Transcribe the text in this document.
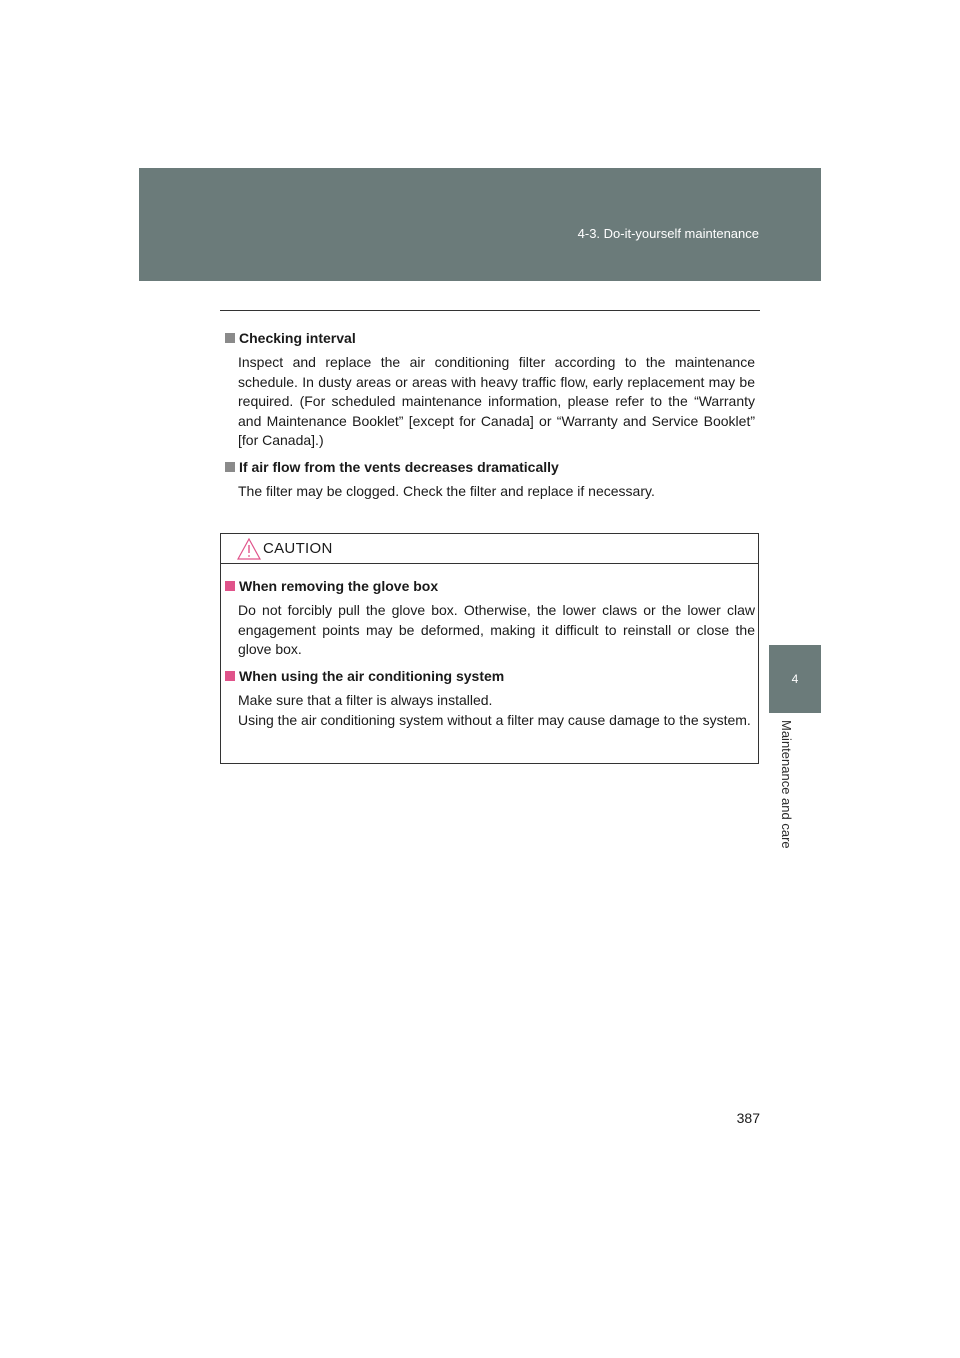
4-3. Do-it-yourself maintenance
4
Maintenance and care
Checking interval
Inspect and replace the air conditioning filter according to the maintenance schedule. In dusty areas or areas with heavy traffic flow, early replacement may be required. (For scheduled maintenance information, please refer to the “Warranty and Maintenance Booklet” [except for Canada] or “Warranty and Service Booklet” [for Canada].)
If air flow from the vents decreases dramatically
The filter may be clogged. Check the filter and replace if necessary.
CAUTION
When removing the glove box
Do not forcibly pull the glove box. Otherwise, the lower claws or the lower claw engagement points may be deformed, making it difficult to reinstall or close the glove box.
When using the air conditioning system
Make sure that a filter is always installed.
Using the air conditioning system without a filter may cause damage to the system.
387
